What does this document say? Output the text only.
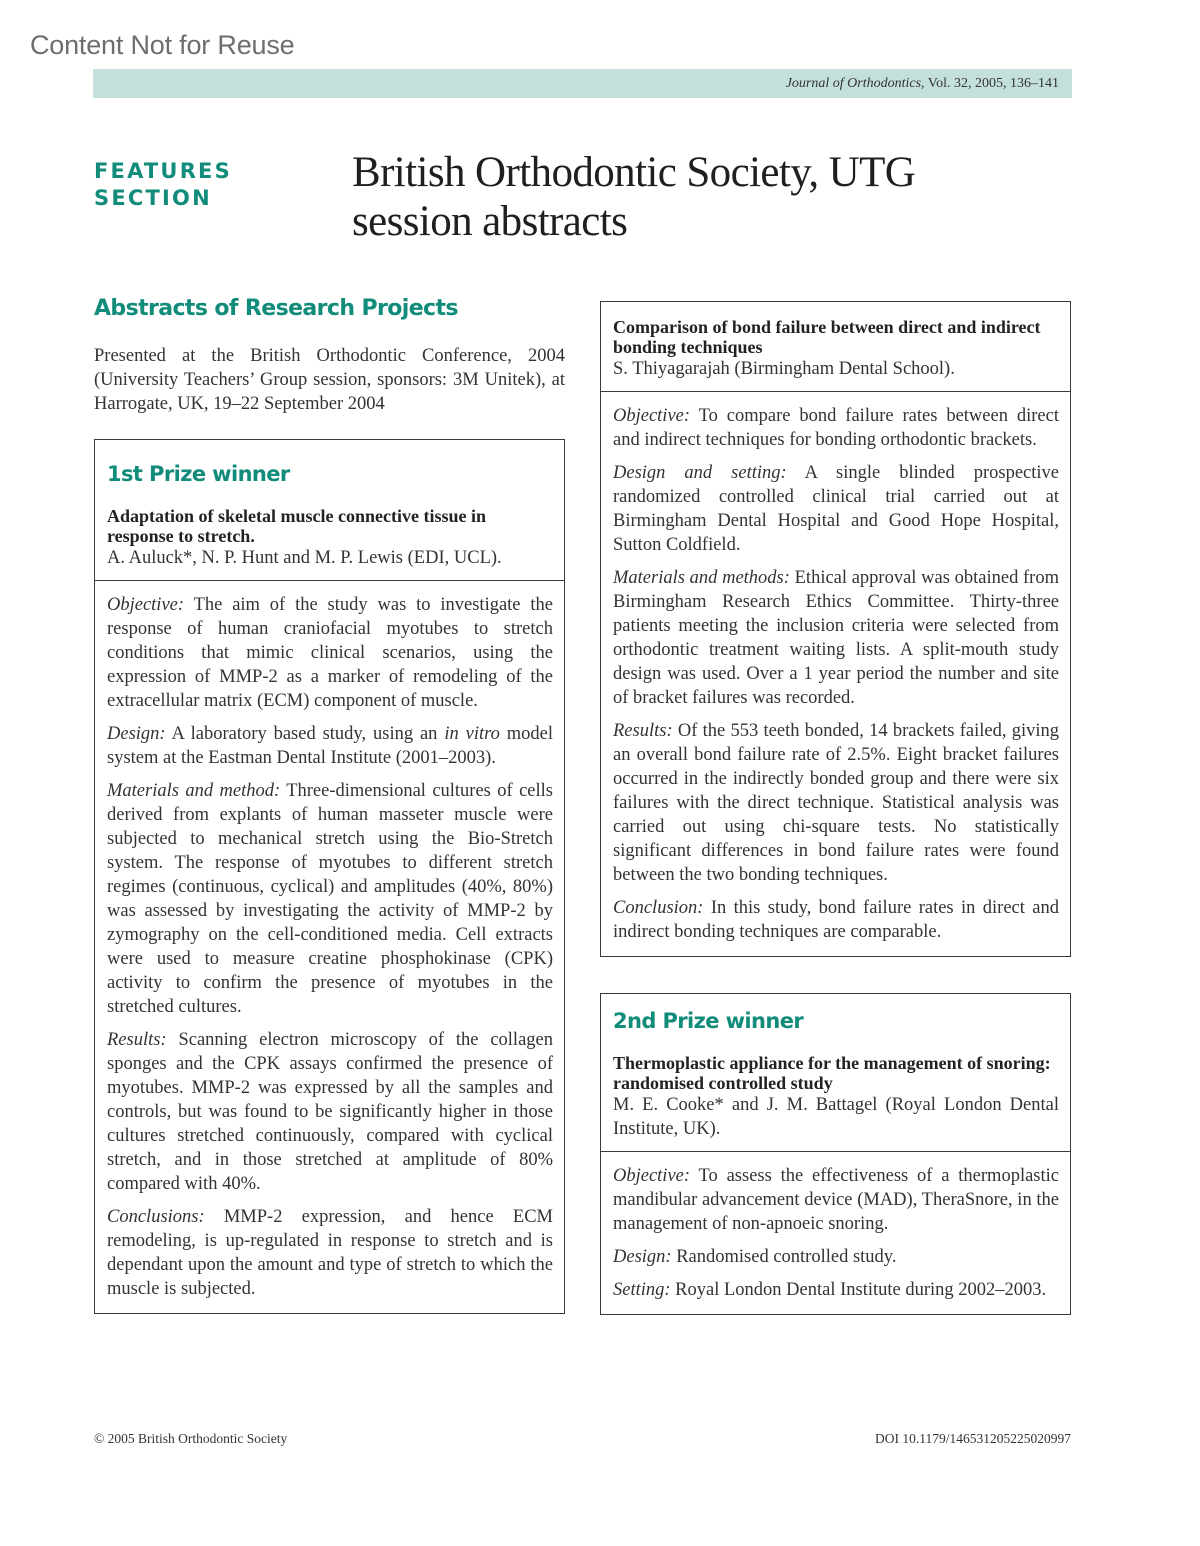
Content Not for Reuse
Journal of Orthodontics , Vol. 32, 2005, 136–141
FEATURES
SECTION
British Orthodontic Society, UTG
session abstracts
Abstracts of Research Projects

Presented at the British Orthodontic Conference, 2004 (University Teachers’ Group session, sponsors: 3M Unitek), at Harrogate, UK, 19–22 September 2004

1st Prize winner
Adaptation of skeletal muscle connective tissue in response to stretch.
A. Auluck*, N. P. Hunt and M. P. Lewis (EDI, UCL).

Objective: The aim of the study was to investigate the response of human craniofacial myotubes to stretch conditions that mimic clinical scenarios, using the expression of MMP-2 as a marker of remodeling of the extracellular matrix (ECM) component of muscle.

Design: A laboratory based study, using an in vitro model system at the Eastman Dental Institute (2001–2003).

Materials and method: Three-dimensional cultures of cells derived from explants of human masseter muscle were subjected to mechanical stretch using the Bio-Stretch system. The response of myotubes to different stretch regimes (continuous, cyclical) and amplitudes (40%, 80%) was assessed by investigating the activity of MMP-2 by zymography on the cell-conditioned media. Cell extracts were used to measure creatine phosphokinase (CPK) activity to confirm the presence of myotubes in the stretched cultures.

Results: Scanning electron microscopy of the collagen sponges and the CPK assays confirmed the presence of myotubes. MMP-2 was expressed by all the samples and controls, but was found to be significantly higher in those cultures stretched continuously, compared with cyclical stretch, and in those stretched at amplitude of 80% compared with 40%.

Conclusions: MMP-2 expression, and hence ECM remodeling, is up-regulated in response to stretch and is dependant upon the amount and type of stretch to which the muscle is subjected.

Comparison of bond failure between direct and indirect bonding techniques
S. Thiyagarajah (Birmingham Dental School).

Objective: To compare bond failure rates between direct and indirect techniques for bonding orthodontic brackets.

Design and setting: A single blinded prospective randomized controlled clinical trial carried out at Birmingham Dental Hospital and Good Hope Hospital, Sutton Coldfield.

Materials and methods: Ethical approval was obtained from Birmingham Research Ethics Committee. Thirty-three patients meeting the inclusion criteria were selected from orthodontic treatment waiting lists. A split-mouth study design was used. Over a 1 year period the number and site of bracket failures was recorded.

Results: Of the 553 teeth bonded, 14 brackets failed, giving an overall bond failure rate of 2.5%. Eight bracket failures occurred in the indirectly bonded group and there were six failures with the direct technique. Statistical analysis was carried out using chi-square tests. No statistically significant differences in bond failure rates were found between the two bonding techniques.

Conclusion: In this study, bond failure rates in direct and indirect bonding techniques are comparable.

2nd Prize winner
Thermoplastic appliance for the management of snoring: randomised controlled study
M. E. Cooke* and J. M. Battagel (Royal London Dental Institute, UK).

Objective: To assess the effectiveness of a thermoplastic mandibular advancement device (MAD), TheraSnore, in the management of non-apnoeic snoring.

Design: Randomised controlled study.

Setting: Royal London Dental Institute during 2002–2003.

© 2005 British Orthodontic Society	DOI 10.1179/146531205225020997
